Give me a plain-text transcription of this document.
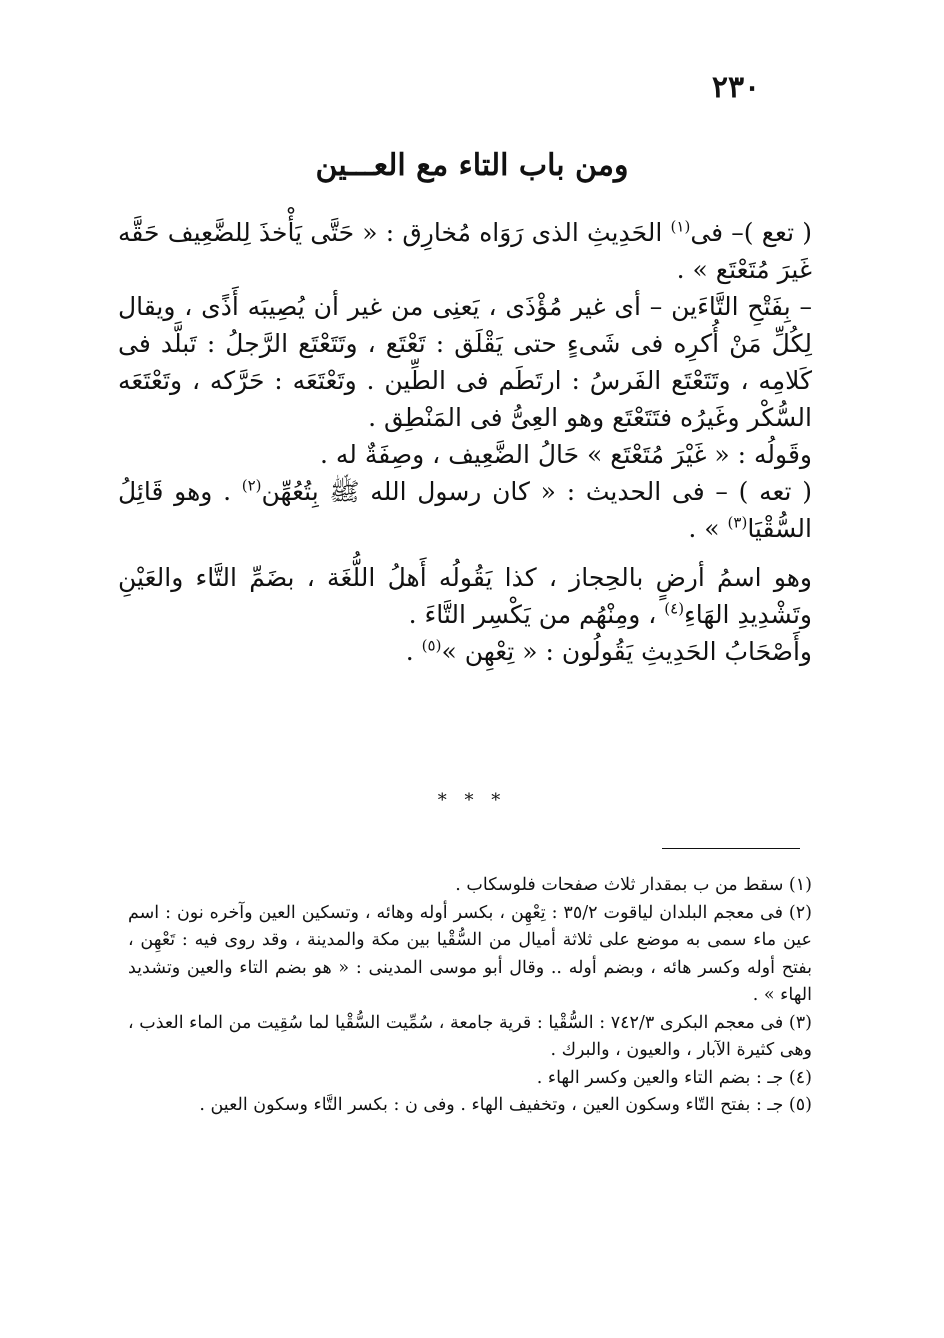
٢٣٠
ومن باب التاء مع العـــين

( تعع )– فى$^{(١)}$ الحَدِيثِ الذى رَوَاه مُخارِق : « حَتَّى يَأْخذَ لِلضَّعِيف حَقَّه غَيرَ مُتَعْتَع » .

– بِفَتْحِ التَّاءَين – أى غير مُؤْذَى ، يَعنِى من غير أن يُصِيبَه أَذًى ، ويقال لِكُلِّ مَنْ أُكرِه فى شَىءٍ حتى يَقْلَق : تَعْتَع ، وتَتَعْتَع الرَّجلُ : تَبلَّد فى كَلامِه ، وتَتَعْتَع الفَرسُ : ارتَطَم فى الطِّين . وتَعْتَعَه : حَرَّكه ، وتَعْتَعَه السُّكْر وغَيرُه فتَتَعْتَع وهو العِىُّ فى المَنْطِق .

وقَولُه : « غَيْرَ مُتَعْتَع » حَالُ الضَّعِيف ، وصِفَةٌ له .

( تعه ) – فى الحديث : « كان رسول الله ﷺ بِتُعُهِّن$^{(٢)}$ . وهو قَائِلُ السُّقْيَا$^{(٣)}$ » .

وهو اسمُ أرضٍ بالحِجاز ، كذا يَقُولُه أَهلُ اللُّغَة ، بضَمِّ التَّاء والعَيْنِ وتَشْدِيدِ الهَاءِ$^{(٤)}$ ، ومِنْهُم من يَكْسِر التَّاءَ .

وأَصْحَابُ الحَدِيثِ يَقُولُون : « تِعْهِن »$^{(٥)}$ .

* * *

(١) سقط من ب بمقدار ثلاث صفحات فلوسكاب .

(٢) فى معجم البلدان لياقوت ٣٥/٢ : تِعْهِن ، بكسر أوله وهائه ، وتسكين العين وآخره نون : اسم عين ماء سمى به موضع على ثلاثة أميال من السُّقْيا بين مكة والمدينة ، وقد روى فيه : تَعْهِن ، بفتح أوله وكسر هائه ، وبضم أوله .. وقال أبو موسى المدينى : « هو بضم التاء والعين وتشديد الهاء » .

(٣) فى معجم البكرى ٧٤٢/٣ : السُّقْيا : قرية جامعة ، سُمِّيت السُّقْيا لما سُقِيت من الماء العذب ، وهى كثيرة الآبار ، والعيون ، والبرك .

(٤) جـ : بضم التاء والعين وكسر الهاء .

(٥) جـ : بفتح التّاء وسكون العين ، وتخفيف الهاء . وفى ن : بكسر التَّاء وسكون العين .
